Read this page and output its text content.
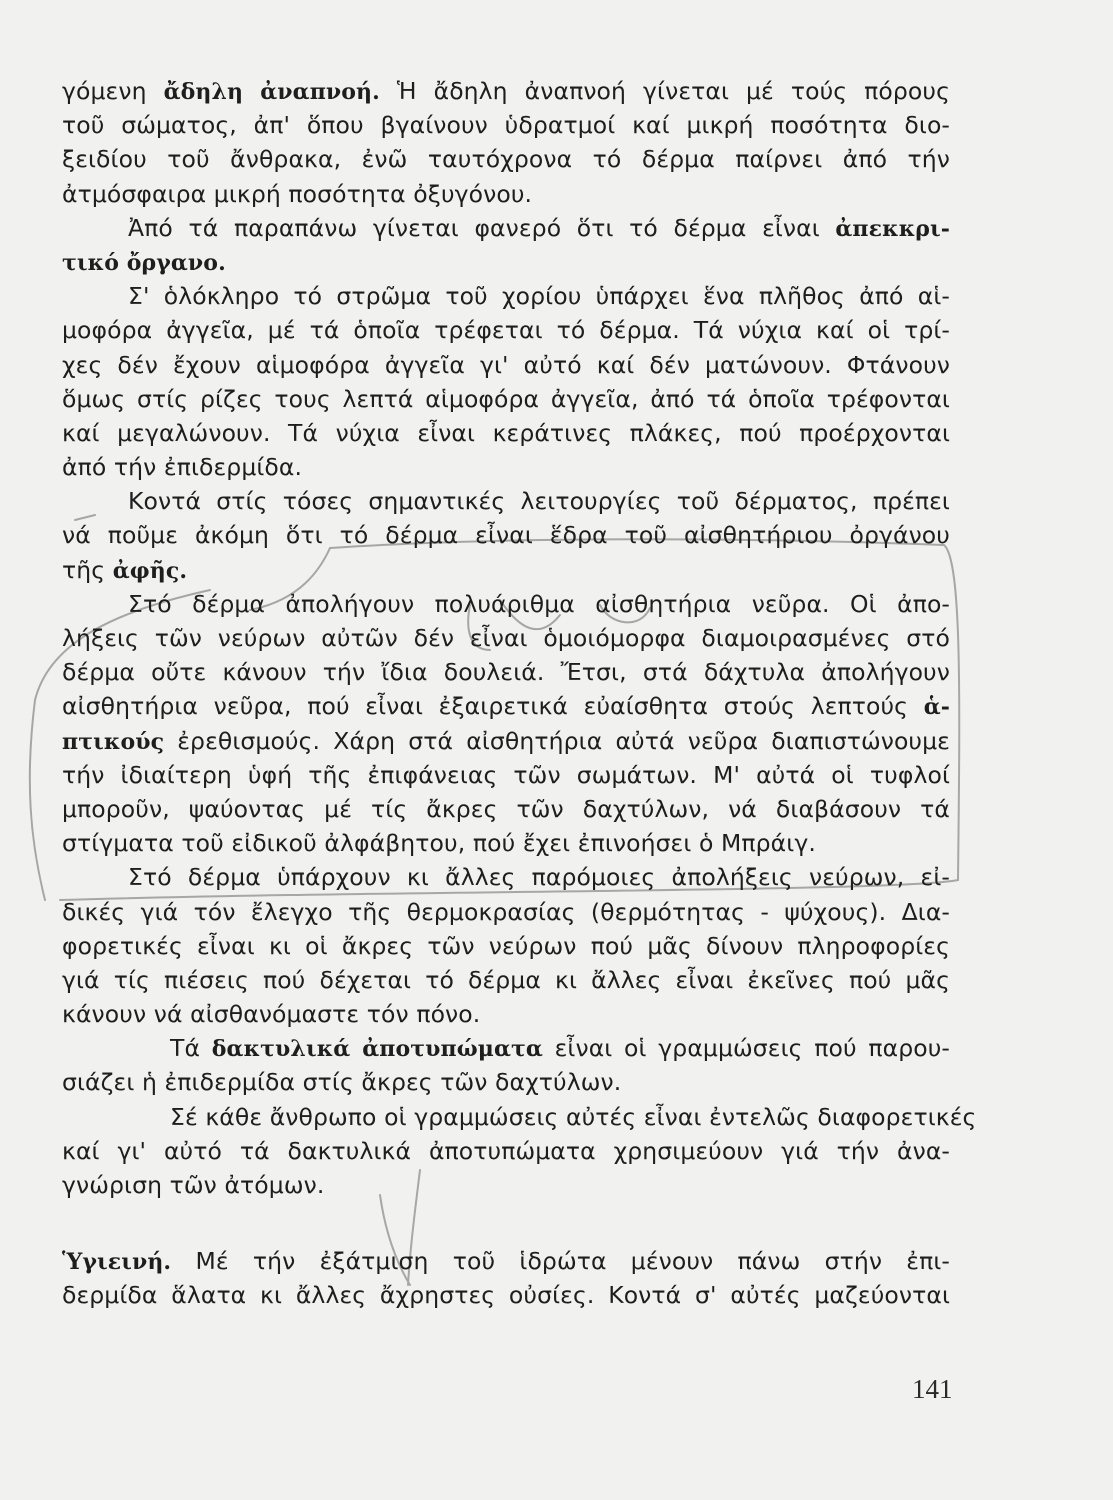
γόμενη ἄδηλη ἀναπνοή. Ἡ ἄδηλη ἀναπνοή γίνεται μέ τούς πόρους
τοῦ σώματος, ἀπ' ὅπου βγαίνουν ὑδρατμοί καί μικρή ποσότητα διο-
ξειδίου τοῦ ἄνθρακα, ἐνῶ ταυτόχρονα τό δέρμα παίρνει ἀπό τήν
ἀτμόσφαιρα μικρή ποσότητα ὀξυγόνου.
Ἀπό τά παραπάνω γίνεται φανερό ὅτι τό δέρμα εἶναι ἀπεκκρι-
τικό ὄργανο.
Σ' ὁλόκληρο τό στρῶμα τοῦ χορίου ὑπάρχει ἕνα πλῆθος ἀπό αἱ-
μοφόρα ἀγγεῖα, μέ τά ὁποῖα τρέφεται τό δέρμα. Τά νύχια καί οἱ τρί-
χες δέν ἔχουν αἱμοφόρα ἀγγεῖα γι' αὐτό καί δέν ματώνουν. Φτάνουν
ὅμως στίς ρίζες τους λεπτά αἱμοφόρα ἀγγεῖα, ἀπό τά ὁποῖα τρέφονται
καί μεγαλώνουν. Τά νύχια εἶναι κεράτινες πλάκες, πού προέρχονται
ἀπό τήν ἐπιδερμίδα.
Κοντά στίς τόσες σημαντικές λειτουργίες τοῦ δέρματος, πρέπει
νά ποῦμε ἀκόμη ὅτι τό δέρμα εἶναι ἕδρα τοῦ αἰσθητήριου ὀργάνου
τῆς ἀφῆς.
Στό δέρμα ἀπολήγουν πολυάριθμα αἰσθητήρια νεῦρα. Οἱ ἀπο-
λήξεις τῶν νεύρων αὐτῶν δέν εἶναι ὁμοιόμορφα διαμοιρασμένες στό
δέρμα οὔτε κάνουν τήν ἴδια δουλειά. Ἔτσι, στά δάχτυλα ἀπολήγουν
αἰσθητήρια νεῦρα, πού εἶναι ἐξαιρετικά εὐαίσθητα στούς λεπτούς ἁ-
πτικούς ἐρεθισμούς. Χάρη στά αἰσθητήρια αὐτά νεῦρα διαπιστώνουμε
τήν ἰδιαίτερη ὑφή τῆς ἐπιφάνειας τῶν σωμάτων. Μ' αὐτά οἱ τυφλοί
μποροῦν, ψαύοντας μέ τίς ἄκρες τῶν δαχτύλων, νά διαβάσουν τά
στίγματα τοῦ εἰδικοῦ ἀλφάβητου, πού ἔχει ἐπινοήσει ὁ Μπράιγ.
Στό δέρμα ὑπάρχουν κι ἄλλες παρόμοιες ἀπολήξεις νεύρων, εἰ-
δικές γιά τόν ἔλεγχο τῆς θερμοκρασίας (θερμότητας - ψύχους). Δια-
φορετικές εἶναι κι οἱ ἄκρες τῶν νεύρων πού μᾶς δίνουν πληροφορίες
γιά τίς πιέσεις πού δέχεται τό δέρμα κι ἄλλες εἶναι ἐκεῖνες πού μᾶς
κάνουν νά αἰσθανόμαστε τόν πόνο.
Τά δακτυλικά ἀποτυπώματα εἶναι οἱ γραμμώσεις πού παρου-
σιάζει ἡ ἐπιδερμίδα στίς ἄκρες τῶν δαχτύλων.
Σέ κάθε ἄνθρωπο οἱ γραμμώσεις αὐτές εἶναι ἐντελῶς διαφορετικές
καί γι' αὐτό τά δακτυλικά ἀποτυπώματα χρησιμεύουν γιά τήν ἀνα-
γνώριση τῶν ἀτόμων.
Ὑγιεινή. Μέ τήν ἐξάτμιση τοῦ ἱδρώτα μένουν πάνω στήν ἐπι-
δερμίδα ἅλατα κι ἄλλες ἄχρηστες οὐσίες. Κοντά σ' αὐτές μαζεύονται
141
